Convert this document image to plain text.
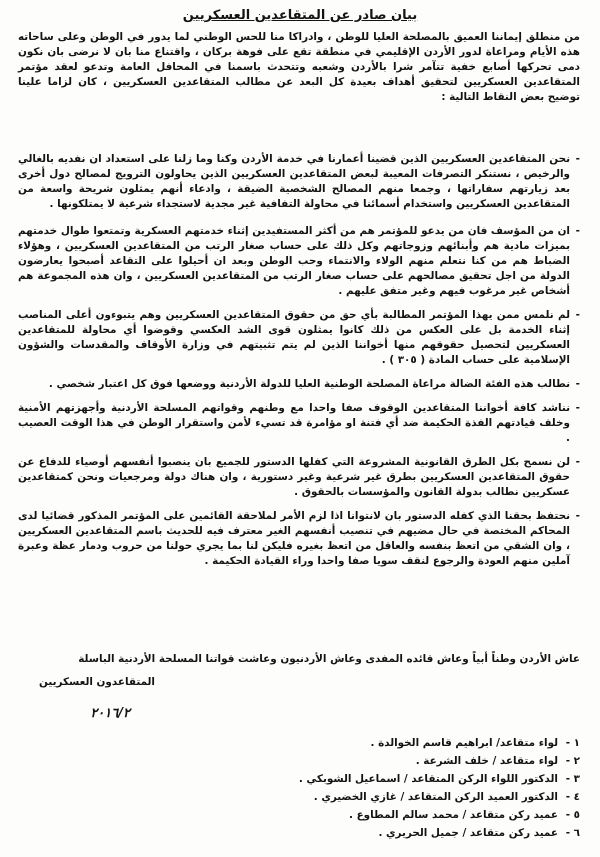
بيان صادر عن المتقاعدين العسكريين
من منطلق إيماننا العميق بالمصلحة العليا للوطن ، وادراكا منا للحس الوطني لما يدور في الوطن وعلى ساحاته هذه الأيام ومراعاة لدور الأردن الإقليمي في منطقة تقع على فوهة بركان ، واقتناع منا بان لا نرضى بان نكون دمى تحركها أصابع خفية تتآمر شرا بالأردن وشعبه وتتحدث باسمنا في المحافل العامة وتدعو لعقد مؤتمر المتقاعدين العسكريين لتحقيق أهداف بعيدة كل البعد عن مطالب المتقاعدين العسكريين ، كان لزاما علينا توضيح بعض النقاط التالية :
- نحن المتقاعدين العسكريين الذين قضينا أعمارنا في خدمة الأردن وكنا وما زلنا على استعداد ان نفديه بالغالي والرخيص ، نستنكر التصرفات المعيبة لبعض المتقاعدين العسكريين الذين يحاولون الترويج لمصالح دول أخرى بعد زيارتهم سفاراتها ، وجمعا منهم المصالح الشخصية الضيقة ، وادعاء أنهم يمثلون شريحة واسعة من المتقاعدين العسكريين واستخدام أسمائنا في محاولة التفافية غير مجدية لاستجداء شرعية لا يمتلكونها .
- ان من المؤسف فان من يدعو للمؤتمر هم من أكثر المستفيدين إثناء خدمتهم العسكرية وتمتعوا طوال خدمتهم بميزات مادية هم وأبنائهم وزوجاتهم وكل ذلك على حساب صغار الرتب من المتقاعدين العسكريين ، وهؤلاء الضباط هم من كنا نتعلم منهم الولاء والانتماء وحب الوطن وبعد ان أحيلوا على التقاعد أصبحوا يعارضون الدولة من اجل تحقيق مصالحهم على حساب صغار الرتب من المتقاعدين العسكريين ، وان هذه المجموعة هم أشخاص غير مرغوب فيهم وغير متفق عليهم .
- لم نلمس ممن يهذا المؤتمر المطالبة بأي حق من حقوق المتقاعدين العسكريين وهم يتبوءون أعلى المناصب إثناء الخدمة بل على العكس من ذلك كانوا يمثلون قوى الشد العكسي وقوضوا أي محاولة للمتقاعدين العسكريين لتحصيل حقوقهم منها أخواننا الذين لم يتم تثبيتهم في وزارة الأوقاف والمقدسات والشؤون الإسلامية على حساب المادة ( ٣٠٥ ) .
- نطالب هذه الفئة الضالة مراعاة المصلحة الوطنية العليا للدولة الأردنية ووضعها فوق كل اعتبار شخصي .
- نناشد كافة أخواننا المتقاعدين الوقوف صفا واحدا مع وطنهم وقواتهم المسلحة الأردنية وأجهزتهم الأمنية وخلف قيادتهم الفذة الحكيمة ضد أي فتنة او مؤامرة قد تسيء لأمن واستقرار الوطن في هذا الوقت العصيب .
- لن نسمح بكل الطرق القانونية المشروعة التي كفلها الدستور للجميع بان ينصبوا أنفسهم أوصياء للدفاع عن حقوق المتقاعدين العسكريين بطرق غير شرعية وغير دستورية ، وان هناك دولة ومرجعيات ونحن كمتقاعدين عسكريين نطالب بدولة القانون والمؤسسات بالحقوق .
- نحتفظ بحقنا الذي كفله الدستور بان لانتوانا اذا لزم الأمر لملاحقة القائمين على المؤتمر المذكور قضائيا لدى المحاكم المختصة في حال مضيهم في تنصيب أنفسهم الغير معترف فيه للحديث باسم المتقاعدين العسكريين ، وان الشقي من اتعظ بنفسه والعاقل من اتعظ بغيره فليكن لنا بما يجري حولنا من حروب ودمار عظة وعبرة آملين منهم العودة والرجوع لنقف سويا صفا واحدا وراء القيادة الحكيمة .
عاش الأردن وطناً أبياً وعاش قائده المفدى وعاش الأردنيون وعاشت قواتنا المسلحة الأردنية الباسلة
المتقاعدون العسكريين
٢٠١٦/٢
١ -لواء متقاعد/ ابراهيم قاسم الخوالدة .
٢ -لواء متقاعد / خلف الشرعة .
٣ -الدكتور اللواء الركن المتقاعد / اسماعيل الشوبكي .
٤ -الدكتور العميد الركن المتقاعد / غازي الخضيري .
٥ -عميد ركن متقاعد / محمد سالم المطاوع .
٦ -عميد ركن متقاعد / جميل الحريري .
